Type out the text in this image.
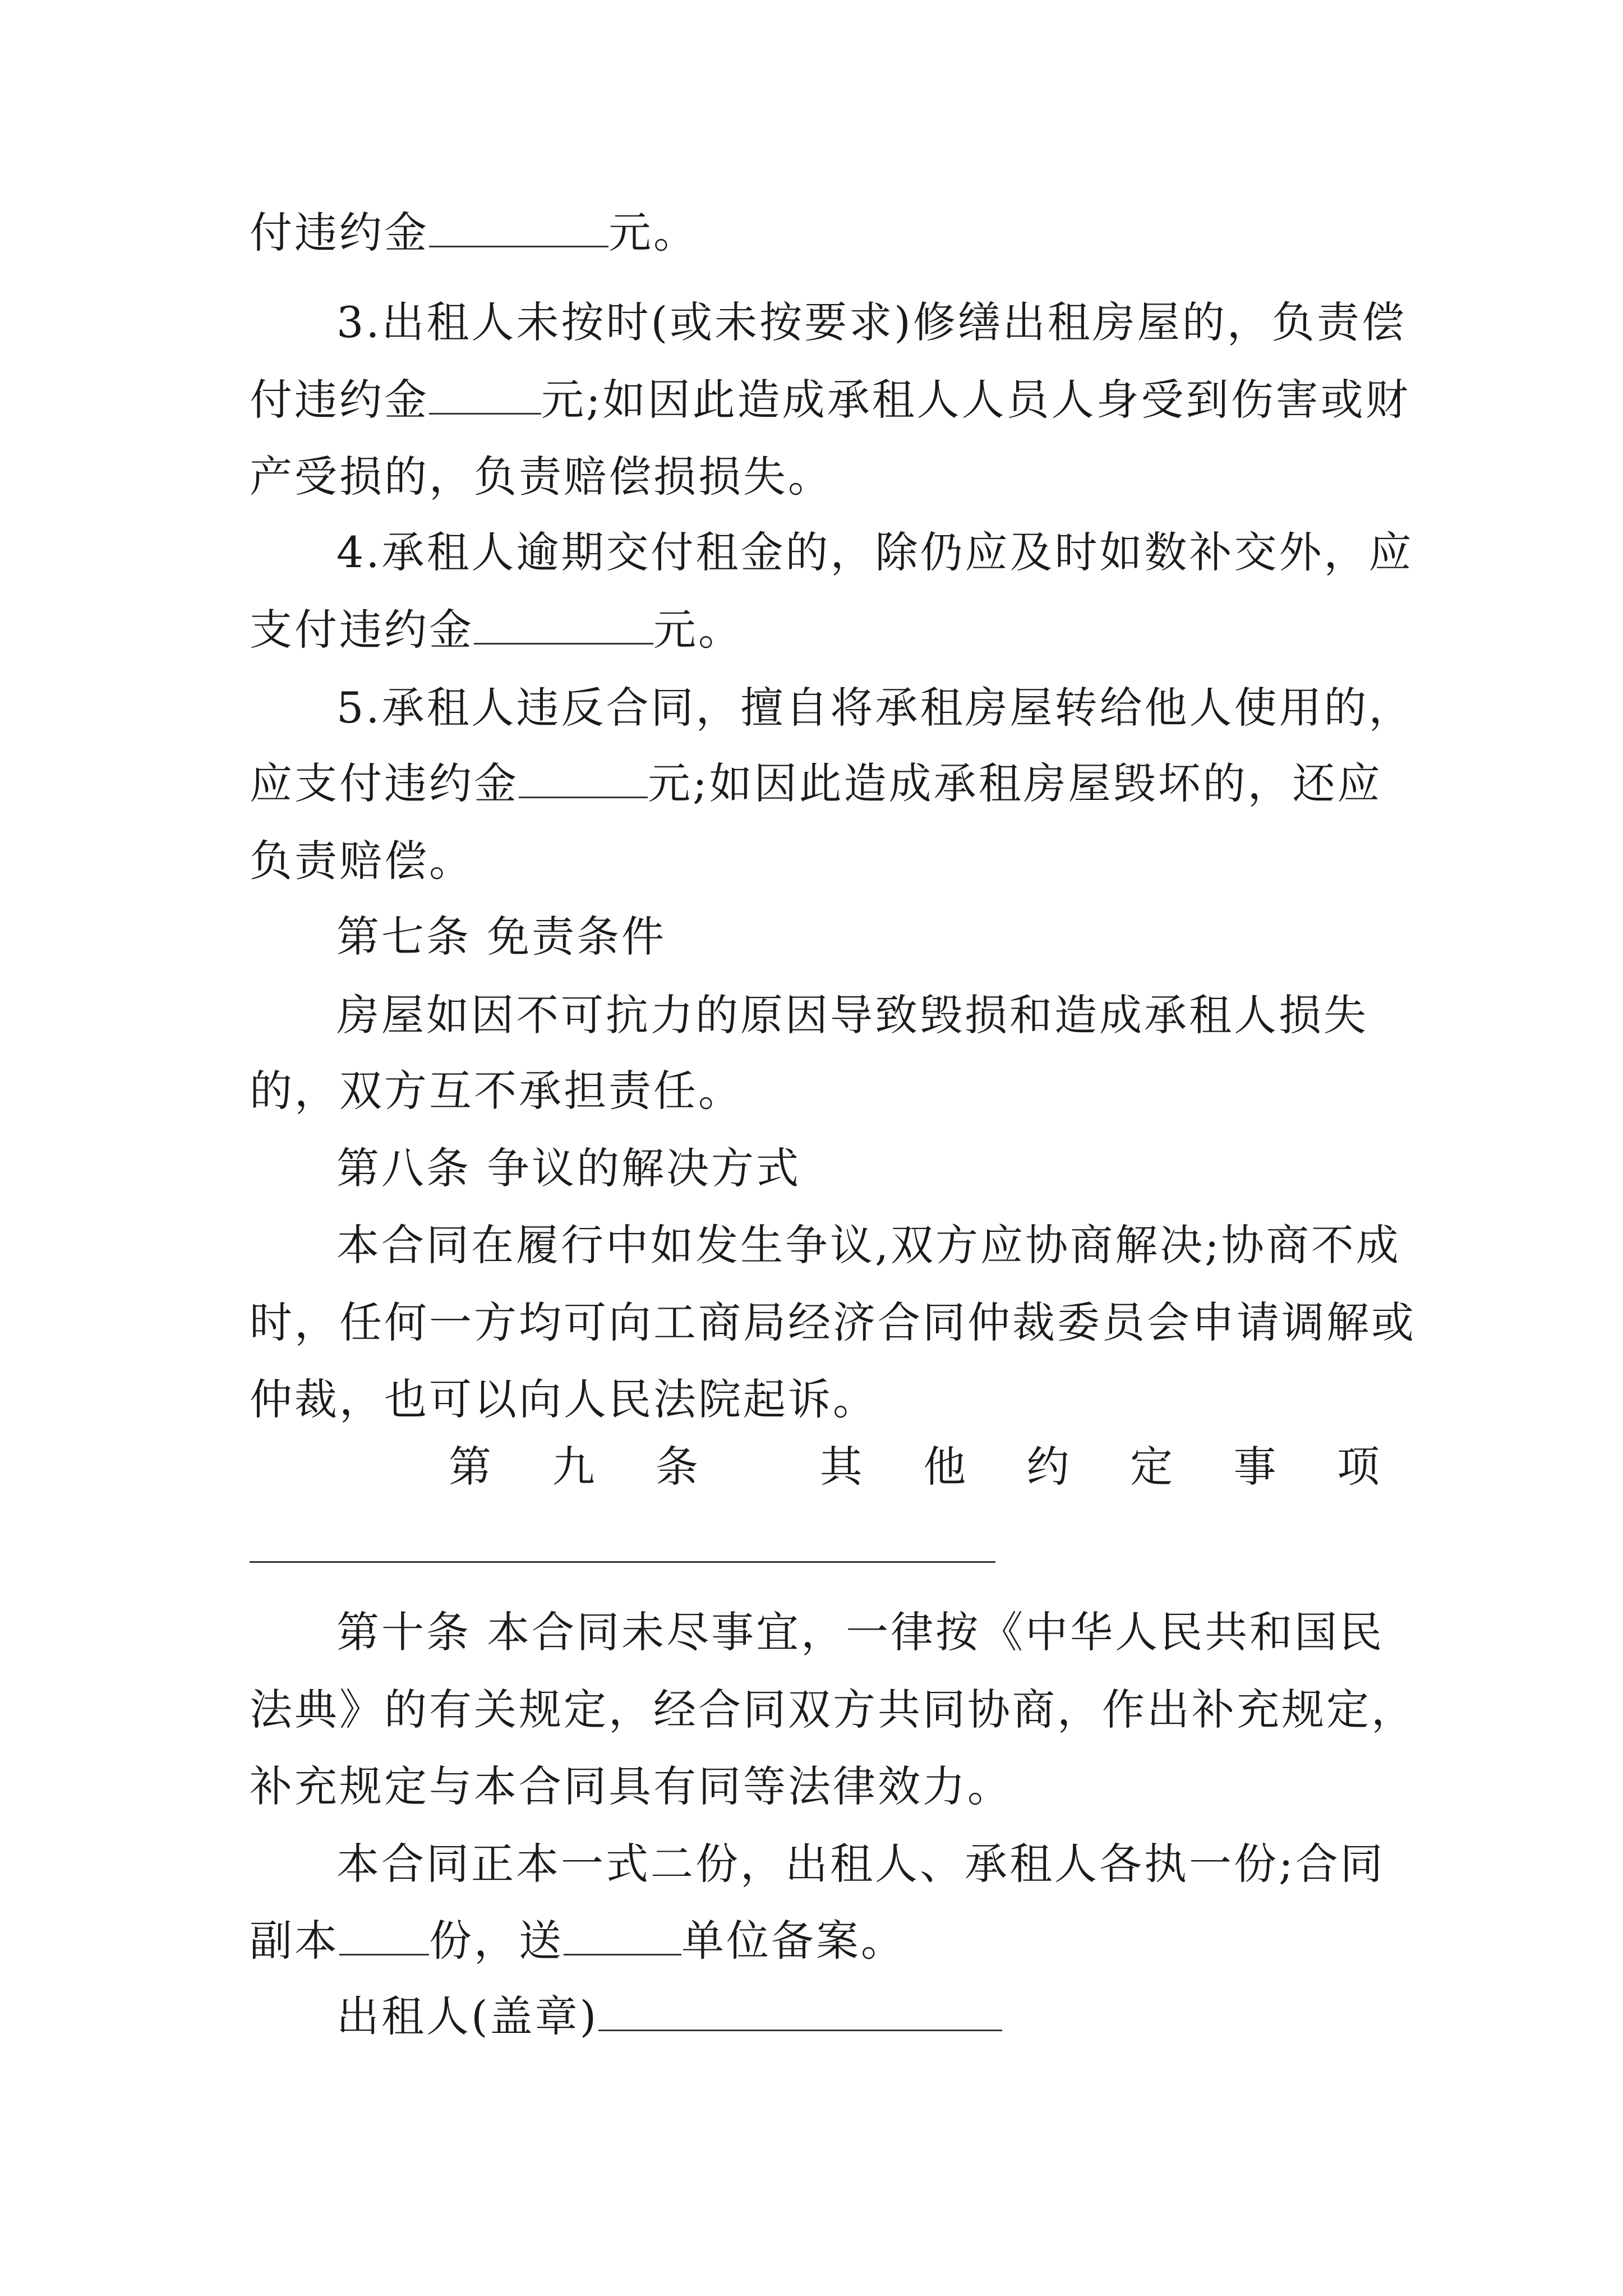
付违约金	元。
3.出租人未按时(或未按要求)修缮出租房屋的，负责偿
付违约金	元;如因此造成承租人人员人身受到伤害或财
产受损的，负责赔偿损损失。
4.承租人逾期交付租金的，除仍应及时如数补交外，应
支付违约金	元。
5.承租人违反合同，擅自将承租房屋转给他人使用的，
应支付违约金	元;如因此造成承租房屋毁坏的，还应
负责赔偿。
第七条 免责条件
房屋如因不可抗力的原因导致毁损和造成承租人损失
的，双方互不承担责任。
第八条 争议的解决方式
本合同在履行中如发生争议,双方应协商解决;协商不成
时，任何一方均可向工商局经济合同仲裁委员会申请调解或
仲裁，也可以向人民法院起诉。
第 九 条	其 他 约 定 事 项
第十条 本合同未尽事宜，一律按《中华人民共和国民
法典》的有关规定，经合同双方共同协商，作出补充规定，
补充规定与本合同具有同等法律效力。
本合同正本一式二份，出租人、承租人各执一份;合同
副本 份，送	单位备案。
出租人(盖章)
